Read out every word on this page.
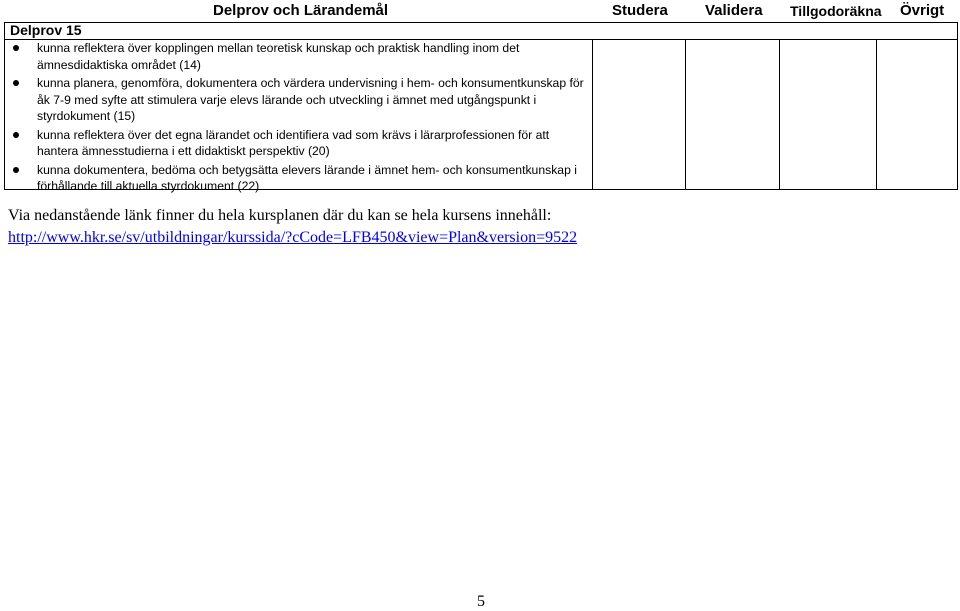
Delprov och Lärandemål	Studera Validera Tillgodoräkna Övrigt
Delprov 15
kunna reflektera över kopplingen mellan teoretisk kunskap och praktisk handling inom det ämnesdidaktiska området (14)
kunna planera, genomföra, dokumentera och värdera undervisning i hem- och konsumentkunskap för åk 7-9 med syfte att stimulera varje elevs lärande och utveckling i ämnet med utgångspunkt i styrdokument (15)
kunna reflektera över det egna lärandet och identifiera vad som krävs i lärarprofessionen för att hantera ämnesstudierna i ett didaktiskt perspektiv (20)
kunna dokumentera, bedöma och betygsätta elevers lärande i ämnet hem- och konsumentkunskap i förhållande till aktuella styrdokument (22)
Via nedanstående länk finner du hela kursplanen där du kan se hela kursens innehåll:
http://www.hkr.se/sv/utbildningar/kurssida/?cCode=LFB450&view=Plan&version=9522
5
